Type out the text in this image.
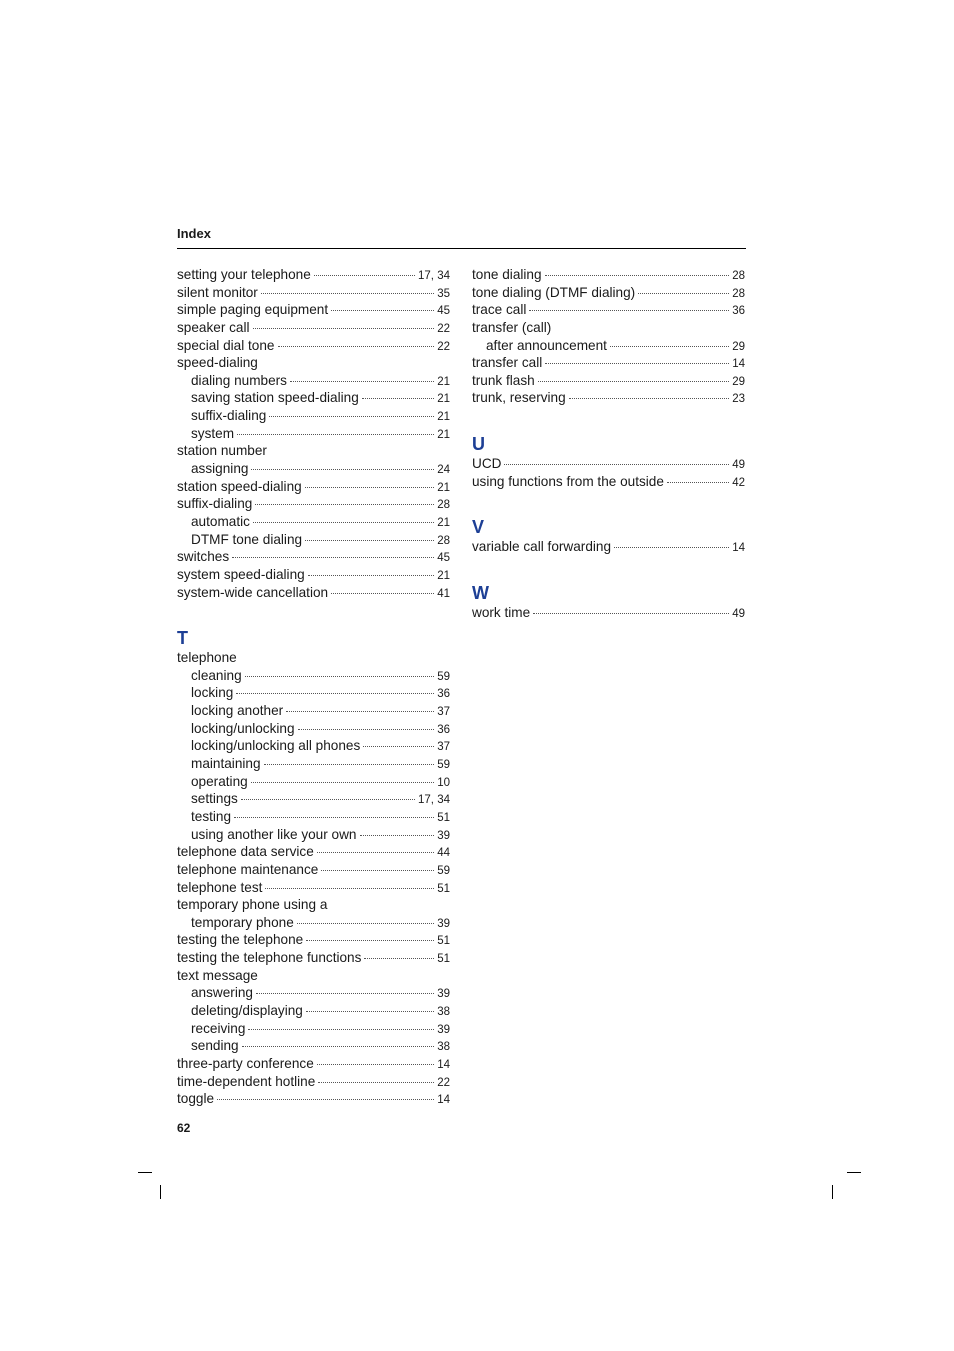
Index
setting your telephone	17, 34
silent monitor	35
simple paging equipment	45
speaker call	22
special dial tone	22
speed-dialing
dialing numbers	21
saving station speed-dialing	21
suffix-dialing	21
system	21
station number
assigning	24
station speed-dialing	21
suffix-dialing	28
automatic	21
DTMF tone dialing	28
switches	45
system speed-dialing	21
system-wide cancellation	41
T
telephone
cleaning	59
locking	36
locking another	37
locking/unlocking	36
locking/unlocking all phones	37
maintaining	59
operating	10
settings	17, 34
testing	51
using another like your own	39
telephone data service	44
telephone maintenance	59
telephone test	51
temporary phone using a
temporary phone	39
testing the telephone	51
testing the telephone functions	51
text message
answering	39
deleting/displaying	38
receiving	39
sending	38
three-party conference	14
time-dependent hotline	22
toggle	14
tone dialing	28
tone dialing (DTMF dialing)	28
trace call	36
transfer (call)
after announcement	29
transfer call	14
trunk flash	29
trunk, reserving	23
U
UCD	49
using functions from the outside	42
V
variable call forwarding	14
W
work time	49
62
